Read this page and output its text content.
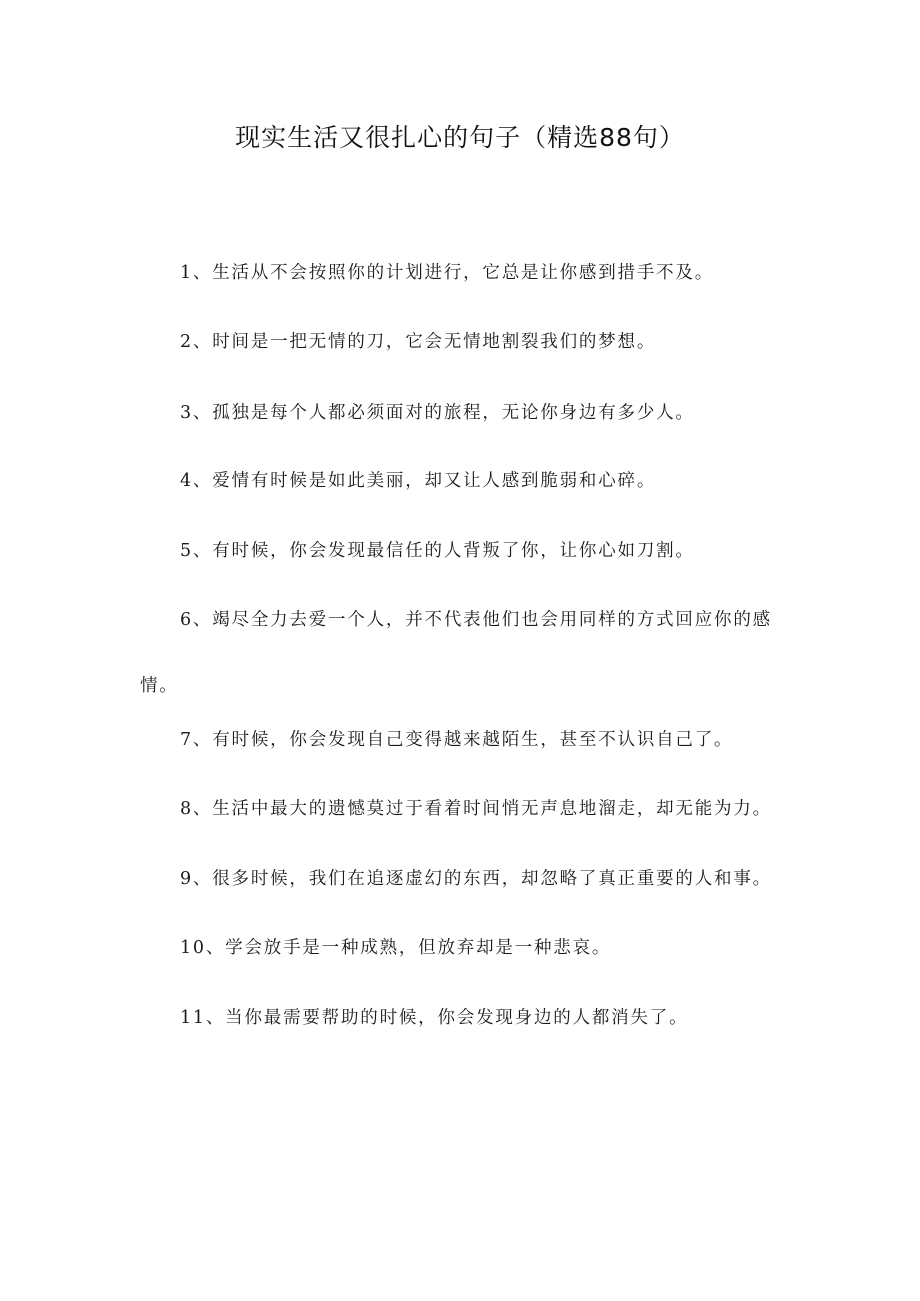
现实生活又很扎心的句子（精选88句）

1、生活从不会按照你的计划进行，它总是让你感到措手不及。

2、时间是一把无情的刀，它会无情地割裂我们的梦想。

3、孤独是每个人都必须面对的旅程，无论你身边有多少人。

4、爱情有时候是如此美丽，却又让人感到脆弱和心碎。

5、有时候，你会发现最信任的人背叛了你，让你心如刀割。

6、竭尽全力去爱一个人，并不代表他们也会用同样的方式回应你的感情。

7、有时候，你会发现自己变得越来越陌生，甚至不认识自己了。

8、生活中最大的遗憾莫过于看着时间悄无声息地溜走，却无能为力。

9、很多时候，我们在追逐虚幻的东西，却忽略了真正重要的人和事。

10、学会放手是一种成熟，但放弃却是一种悲哀。

11、当你最需要帮助的时候，你会发现身边的人都消失了。
